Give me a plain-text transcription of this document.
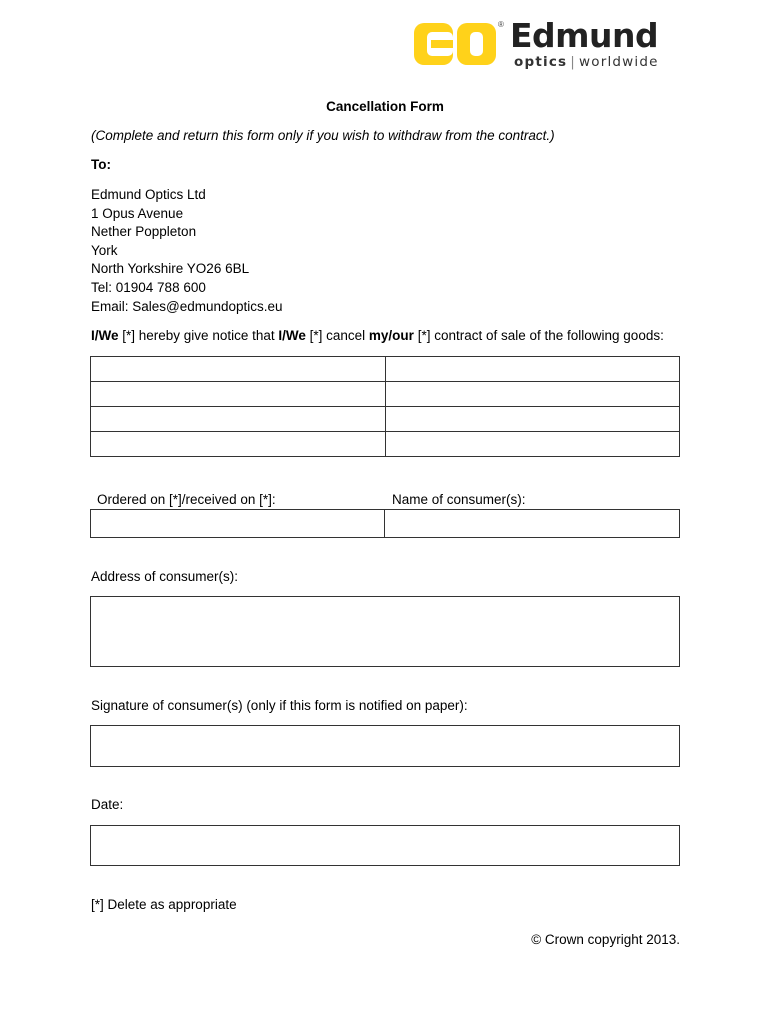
® Edmund
optics | worldwide
Cancellation Form
(Complete and return this form only if you wish to withdraw from the contract.)
To:
Edmund Optics Ltd
1 Opus Avenue
Nether Poppleton
York
North Yorkshire YO26 6BL
Tel: 01904 788 600
Email: Sales@edmundoptics.eu
I/We [*] hereby give notice that I/We [*] cancel my/our [*] contract of sale of the following goods:

Ordered on [*]/received on [*]:	Name of consumer(s):
Address of consumer(s):
Signature of consumer(s) (only if this form is notified on paper):
Date:
[*] Delete as appropriate
© Crown copyright 2013.
